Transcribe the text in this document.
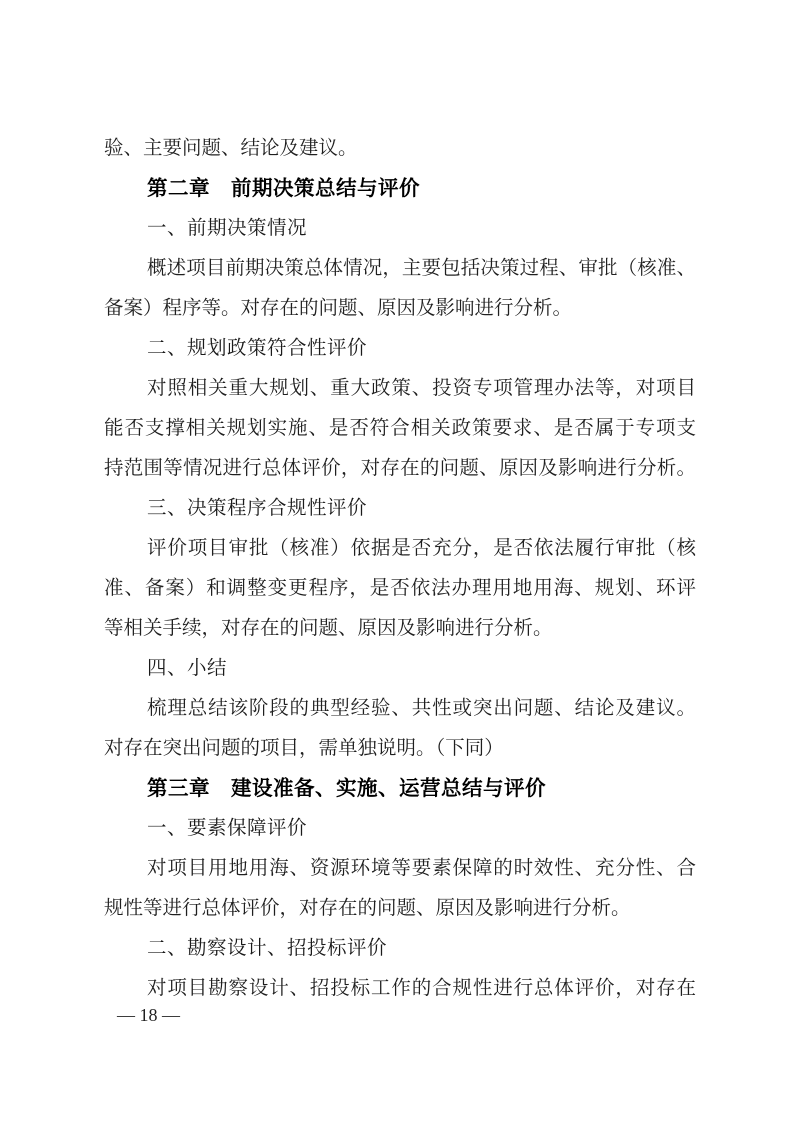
验、主要问题、结论及建议。
第二章　前期决策总结与评价
一、前期决策情况
概述项目前期决策总体情况，主要包括决策过程、审批（核准、
备案）程序等。对存在的问题、原因及影响进行分析。
二、规划政策符合性评价
对照相关重大规划、重大政策、投资专项管理办法等，对项目
能否支撑相关规划实施、是否符合相关政策要求、是否属于专项支
持范围等情况进行总体评价，对存在的问题、原因及影响进行分析。
三、决策程序合规性评价
评价项目审批（核准）依据是否充分，是否依法履行审批（核
准、备案）和调整变更程序，是否依法办理用地用海、规划、环评
等相关手续，对存在的问题、原因及影响进行分析。
四、小结
梳理总结该阶段的典型经验、共性或突出问题、结论及建议。
对存在突出问题的项目，需单独说明。（下同）
第三章　建设准备、实施、运营总结与评价
一、要素保障评价
对项目用地用海、资源环境等要素保障的时效性、充分性、合
规性等进行总体评价，对存在的问题、原因及影响进行分析。
二、勘察设计、招投标评价
对项目勘察设计、招投标工作的合规性进行总体评价，对存在
— 18 —
